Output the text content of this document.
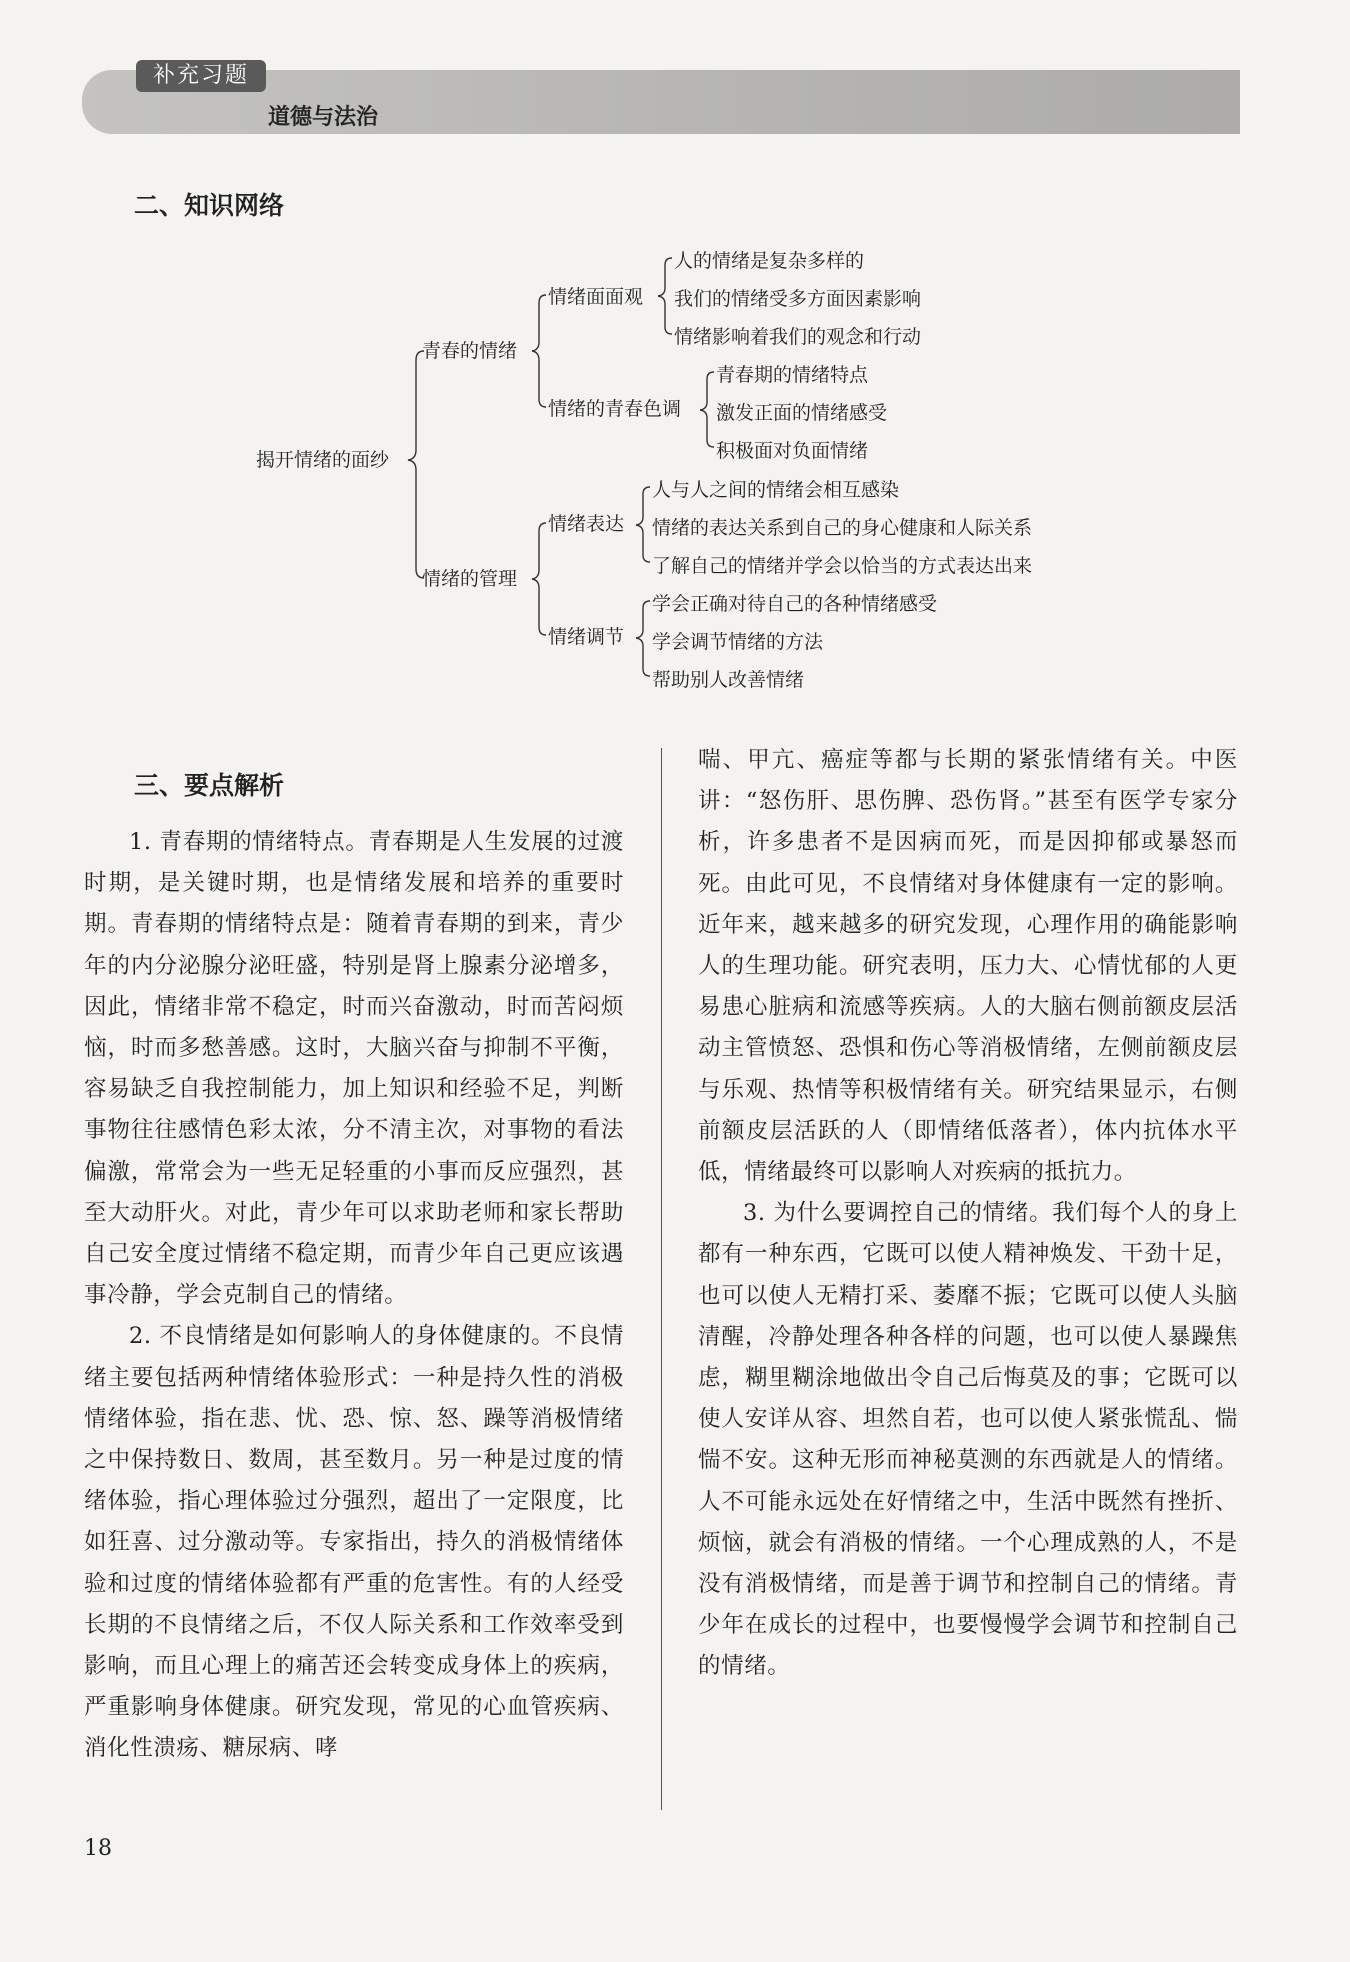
补充习题
道德与法治
二、知识网络
揭开情绪的面纱
青春的情绪
情绪的管理
情绪面面观
情绪的青春色调
情绪表达
情绪调节
人的情绪是复杂多样的
我们的情绪受多方面因素影响
情绪影响着我们的观念和行动
青春期的情绪特点
激发正面的情绪感受
积极面对负面情绪
人与人之间的情绪会相互感染
情绪的表达关系到自己的身心健康和人际关系
了解自己的情绪并学会以恰当的方式表达出来
学会正确对待自己的各种情绪感受
学会调节情绪的方法
帮助别人改善情绪
三、要点解析

1. 青春期的情绪特点。青春期是人生发展的过渡时期，是关键时期，也是情绪发展和培养的重要时期。青春期的情绪特点是：随着青春期的到来，青少年的内分泌腺分泌旺盛，特别是肾上腺素分泌增多，因此，情绪非常不稳定，时而兴奋激动，时而苦闷烦恼，时而多愁善感。这时，大脑兴奋与抑制不平衡，容易缺乏自我控制能力，加上知识和经验不足，判断事物往往感情色彩太浓，分不清主次，对事物的看法偏激，常常会为一些无足轻重的小事而反应强烈，甚至大动肝火。对此，青少年可以求助老师和家长帮助自己安全度过情绪不稳定期，而青少年自己更应该遇事冷静，学会克制自己的情绪。

2. 不良情绪是如何影响人的身体健康的。不良情绪主要包括两种情绪体验形式：一种是持久性的消极情绪体验，指在悲、忧、恐、惊、怒、躁等消极情绪之中保持数日、数周，甚至数月。另一种是过度的情绪体验，指心理体验过分强烈，超出了一定限度，比如狂喜、过分激动等。专家指出，持久的消极情绪体验和过度的情绪体验都有严重的危害性。有的人经受长期的不良情绪之后，不仅人际关系和工作效率受到影响，而且心理上的痛苦还会转变成身体上的疾病，严重影响身体健康。研究发现，常见的心血管疾病、消化性溃疡、糖尿病、哮

喘、甲亢、癌症等都与长期的紧张情绪有关。中医讲：“怒伤肝、思伤脾、恐伤肾。”甚至有医学专家分析，许多患者不是因病而死，而是因抑郁或暴怒而死。由此可见，不良情绪对身体健康有一定的影响。近年来，越来越多的研究发现，心理作用的确能影响人的生理功能。研究表明，压力大、心情忧郁的人更易患心脏病和流感等疾病。人的大脑右侧前额皮层活动主管愤怒、恐惧和伤心等消极情绪，左侧前额皮层与乐观、热情等积极情绪有关。研究结果显示，右侧前额皮层活跃的人（即情绪低落者），体内抗体水平低，情绪最终可以影响人对疾病的抵抗力。

3. 为什么要调控自己的情绪。我们每个人的身上都有一种东西，它既可以使人精神焕发、干劲十足，也可以使人无精打采、萎靡不振；它既可以使人头脑清醒，冷静处理各种各样的问题，也可以使人暴躁焦虑，糊里糊涂地做出令自己后悔莫及的事；它既可以使人安详从容、坦然自若，也可以使人紧张慌乱、惴惴不安。这种无形而神秘莫测的东西就是人的情绪。人不可能永远处在好情绪之中，生活中既然有挫折、烦恼，就会有消极的情绪。一个心理成熟的人，不是没有消极情绪，而是善于调节和控制自己的情绪。青少年在成长的过程中，也要慢慢学会调节和控制自己的情绪。

18
